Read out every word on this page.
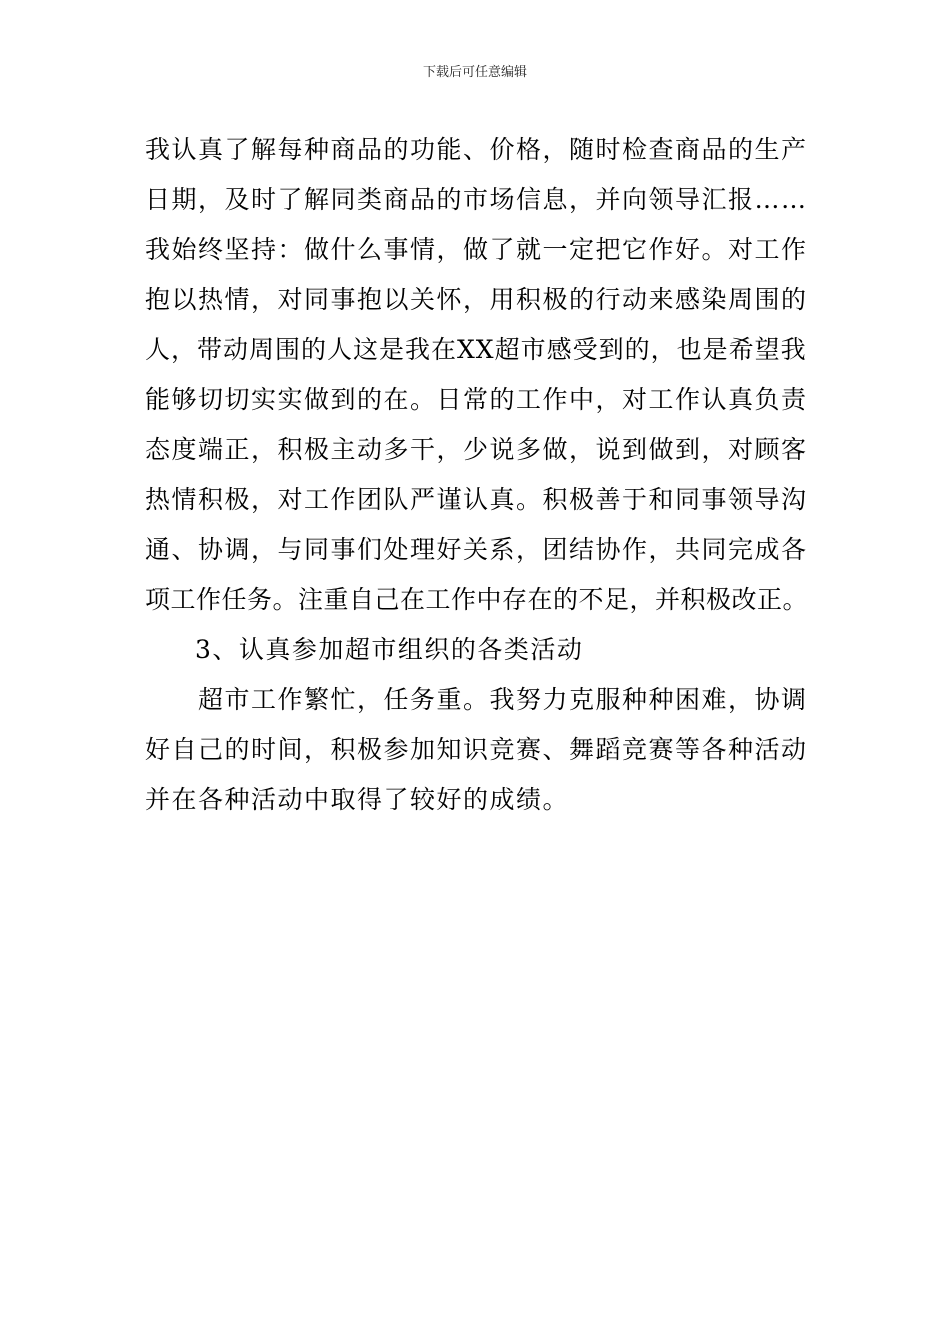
下载后可任意编辑
我认真了解每种商品的功能、价格，随时检查商品的生产
日期，及时了解同类商品的市场信息，并向领导汇报……
我始终坚持：做什么事情，做了就一定把它作好。对工作
抱以热情，对同事抱以关怀，用积极的行动来感染周围的
人，带动周围的人这是我在XX超市感受到的，也是希望我
能够切切实实做到的在。日常的工作中，对工作认真负责
态度端正，积极主动多干，少说多做，说到做到，对顾客
热情积极，对工作团队严谨认真。积极善于和同事领导沟
通、协调，与同事们处理好关系，团结协作，共同完成各
项工作任务。注重自己在工作中存在的不足，并积极改正。
3、认真参加超市组织的各类活动
超市工作繁忙，任务重。我努力克服种种困难，协调
好自己的时间，积极参加知识竞赛、舞蹈竞赛等各种活动
并在各种活动中取得了较好的成绩。
